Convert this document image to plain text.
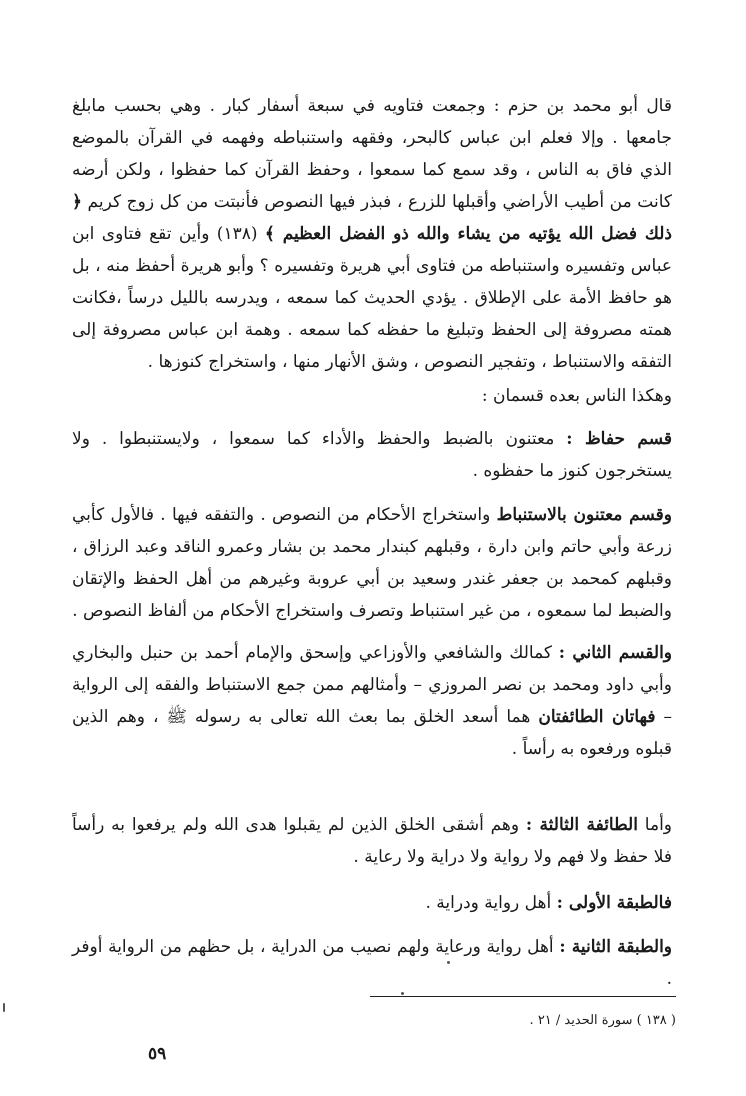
قال أبو محمد بن حزم : وجمعت فتاويه في سبعة أسفار كبار . وهي بحسب مابلغ جامعها . وإلا فعلم ابن عباس كالبحر، وفقهه واستنباطه وفهمه في القرآن بالموضع الذي فاق به الناس ، وقد سمع كما سمعوا ، وحفظ القرآن كما حفظوا ، ولكن أرضه كانت من أطيب الأراضي وأقبلها للزرع ، فبذر فيها النصوص فأنبتت من كل زوج كريم ﴿ ذلك فضل الله يؤتيه من يشاء والله ذو الفضل العظيم ﴾ (١٣٨) وأين تقع فتاوى ابن عباس وتفسيره واستنباطه من فتاوى أبي هريرة وتفسيره ؟ وأبو هريرة أحفظ منه ، بل هو حافظ الأمة على الإطلاق . يؤدي الحديث كما سمعه ، ويدرسه بالليل درساً ،فكانت همته مصروفة إلى الحفظ وتبليغ ما حفظه كما سمعه . وهمة ابن عباس مصروفة إلى التفقه والاستنباط ، وتفجير النصوص ، وشق الأنهار منها ، واستخراج كنوزها .

وهكذا الناس بعده قسمان :

قسم حفاظ : معتنون بالضبط والحفظ والأداء كما سمعوا ، ولايستنبطوا . ولا يستخرجون كنوز ما حفظوه .

وقسم معتنون بالاستنباط واستخراج الأحكام من النصوص . والتفقه فيها . فالأول كأبي زرعة وأبي حاتم وابن دارة ، وقبلهم كبندار محمد بن بشار وعمرو الناقد وعبد الرزاق ، وقبلهم كمحمد بن جعفر غندر وسعيد بن أبي عروبة وغيرهم من أهل الحفظ والإتقان والضبط لما سمعوه ، من غير استنباط وتصرف واستخراج الأحكام من ألفاظ النصوص .

والقسم الثاني : كمالك والشافعي والأوزاعي وإسحق والإمام أحمد بن حنبل والبخاري وأبي داود ومحمد بن نصر المروزي – وأمثالهم ممن جمع الاستنباط والفقه إلى الرواية – فهاتان الطائفتان هما أسعد الخلق بما بعث الله تعالى به رسوله ﷺ ، وهم الذين قبلوه ورفعوه به رأساً .

وأما الطائفة الثالثة : وهم أشقى الخلق الذين لم يقبلوا هدى الله ولم يرفعوا به رأساً فلا حفظ ولا فهم ولا رواية ولا دراية ولا رعاية .

فالطبقة الأولى : أهل رواية ودراية .

والطبقة الثانية : أهل رواية ورعاية ولهم نصيب من الدراية ، بل حظهم من الرواية أوفر .

( ١٣٨ ) سورة الحديد / ٢١ .

٥٩
